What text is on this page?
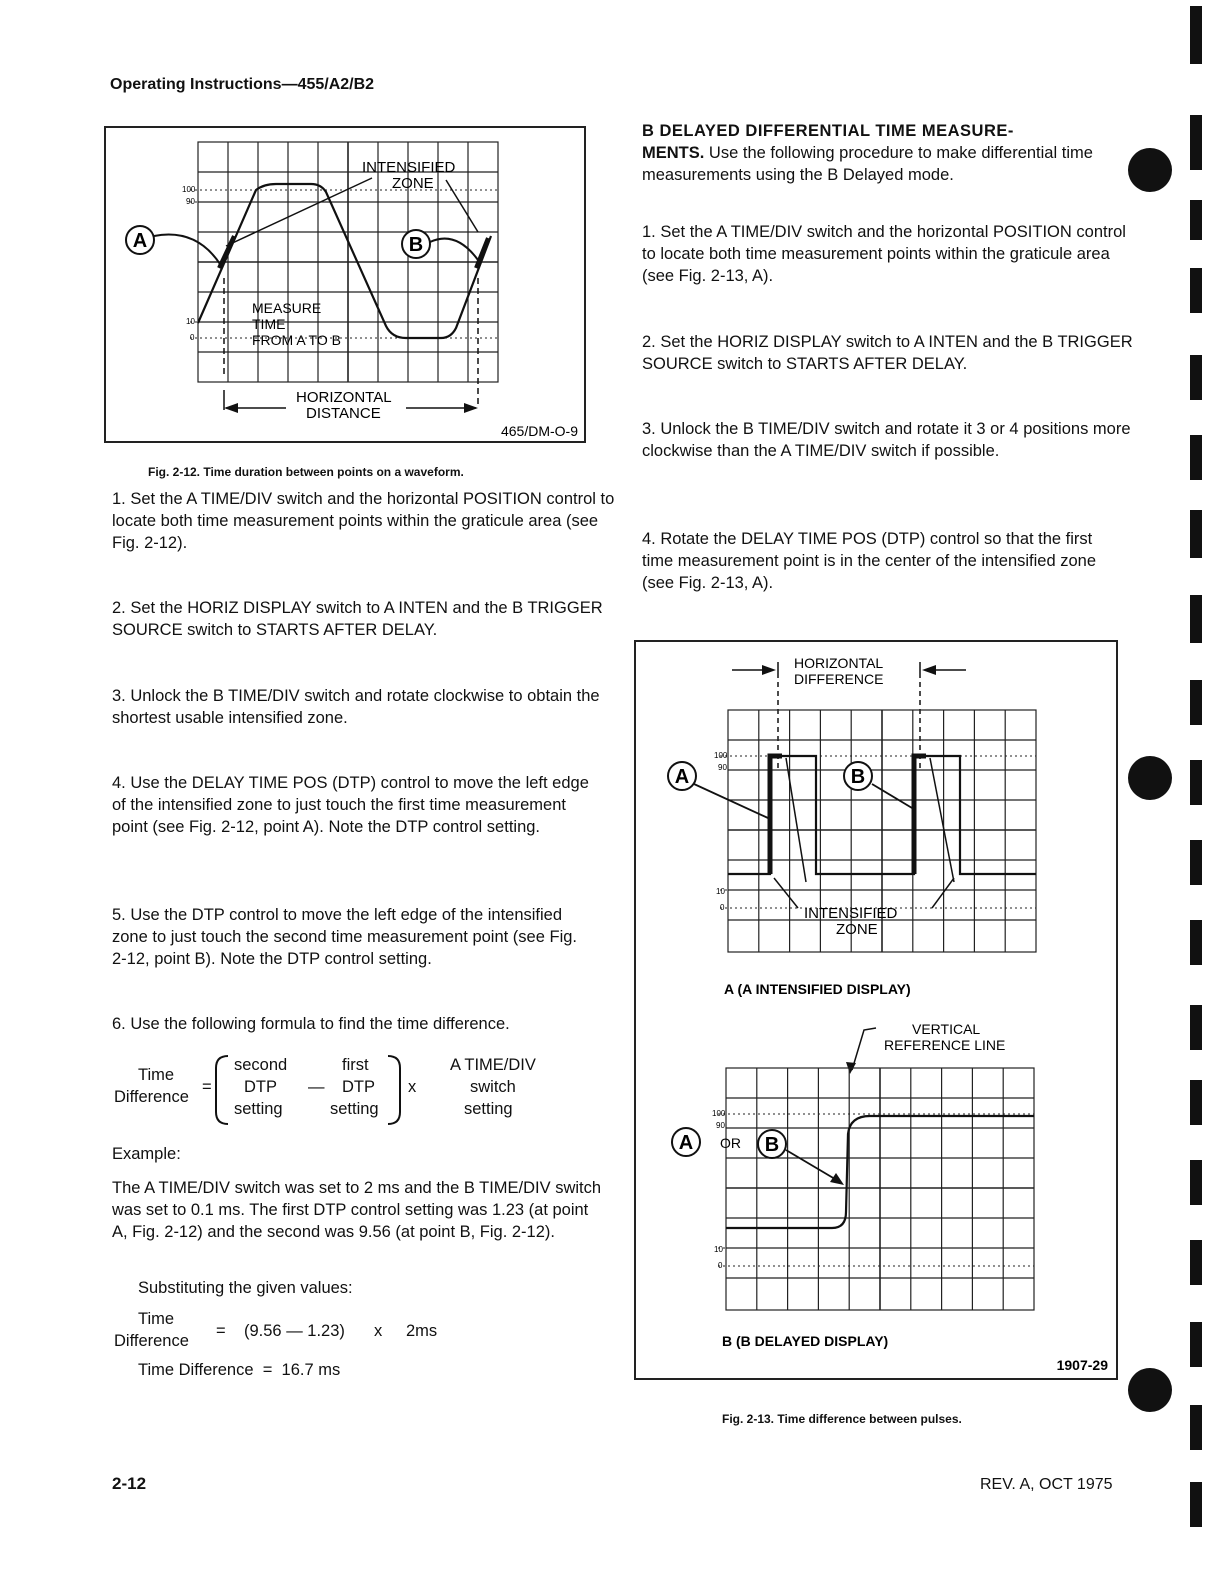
Operating Instructions—455/A2/B2
A	B
INTENSIFIED
ZONE
MEASURE
TIME
FROM A TO B
HORIZONTAL
DISTANCE
100
90
10
0
465/DM-O-9
Fig. 2-12. Time duration between points on a waveform.
1. Set the A TIME/DIV switch and the horizontal POSITION control to locate both time measurement points within the graticule area (see Fig. 2-12).
2. Set the HORIZ DISPLAY switch to A INTEN and the B TRIGGER SOURCE switch to STARTS AFTER DELAY.
3. Unlock the B TIME/DIV switch and rotate clockwise to obtain the shortest usable intensified zone.
4. Use the DELAY TIME POS (DTP) control to move the left edge of the intensified zone to just touch the first time measurement point (see Fig. 2-12, point A). Note the DTP control setting.
5. Use the DTP control to move the left edge of the intensified zone to just touch the second time measurement point (see Fig. 2-12, point B). Note the DTP control setting.
6. Use the following formula to find the time difference.
Time
Difference
=
second
DTP
setting
—
first
DTP
setting
x
A TIME/DIV
switch
setting
Example:
The A TIME/DIV switch was set to 2 ms and the B TIME/DIV switch was set to 0.1 ms. The first DTP control setting was 1.23 (at point A, Fig. 2-12) and the second was 9.56 (at point B, Fig. 2-12).
Substituting the given values:
Time
Difference
= (9.56 — 1.23) x 2ms
Time Difference  =  16.7 ms
B DELAYED DIFFERENTIAL TIME MEASURE-
MENTS. Use the following procedure to make differential time measurements using the B Delayed mode.
1. Set the A TIME/DIV switch and the horizontal POSITION control to locate both time measurement points within the graticule area (see Fig. 2-13, A).
2. Set the HORIZ DISPLAY switch to A INTEN and the B TRIGGER SOURCE switch to STARTS AFTER DELAY.
3. Unlock the B TIME/DIV switch and rotate it 3 or 4 positions more clockwise than the A TIME/DIV switch if possible.
4. Rotate the DELAY TIME POS (DTP) control so that the first time measurement point is in the center of the intensified zone (see Fig. 2-13, A).
HORIZONTAL
DIFFERENCE
A	B
INTENSIFIED
ZONE
A (A INTENSIFIED DISPLAY)
VERTICAL
REFERENCE LINE
A OR B
B (B DELAYED DISPLAY)
1907-29
100
90
10
0
100
90
10
0
Fig. 2-13. Time difference between pulses.
2-12	REV. A, OCT 1975
